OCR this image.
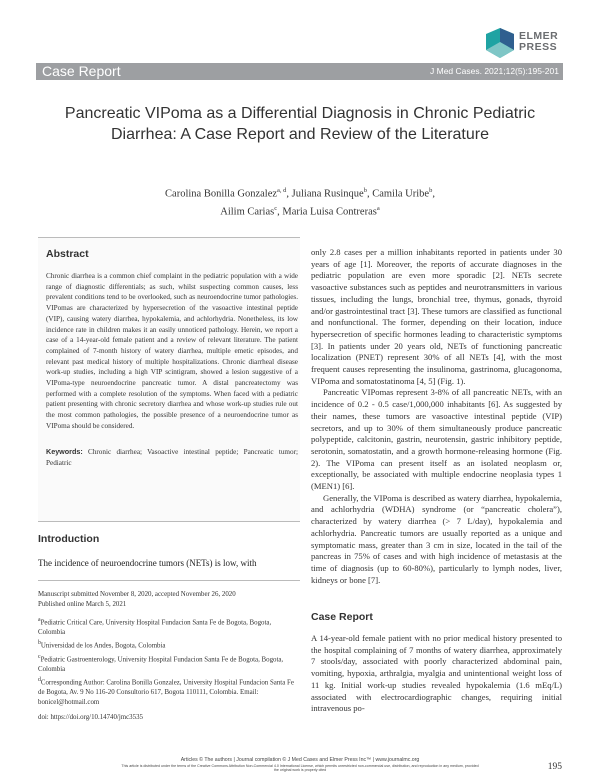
ELMER
PRESS
Case Report	J Med Cases. 2021;12(5):195-201
Pancreatic VIPoma as a Differential Diagnosis in Chronic Pediatric Diarrhea: A Case Report and Review of the Literature
Carolina Bonilla Gonzalez$^{a, d}$, Juliana Rusinque$^b$, Camila Uribe$^b$,
Ailim Carias$^c$, Maria Luisa Contreras$^a$
Abstract

Chronic diarrhea is a common chief complaint in the pediatric population with a wide range of diagnostic differentials; as such, whilst suspecting common causes, less prevalent conditions tend to be overlooked, such as neuroendocrine tumor pathologies. VIPomas are characterized by hypersecretion of the vasoactive intestinal peptide (VIP), causing watery diarrhea, hypokalemia, and achlorhydria. Nonetheless, its low incidence rate in children makes it an easily unnoticed pathology. Herein, we report a case of a 14-year-old female patient and a review of relevant literature. The patient complained of 7-month history of watery diarrhea, multiple emetic episodes, and relevant past medical history of multiple hospitalizations. Chronic diarrheal disease work-up studies, including a high VIP scintigram, showed a lesion suggestive of a VIPoma-type neuroendocrine pancreatic tumor. A distal pancreatectomy was performed with a complete resolution of the symptoms. When faced with a pediatric patient presenting with chronic secretory diarrhea and whose work-up studies rule out the most common pathologies, the possible presence of a neuroendocrine tumor as VIPoma should be considered.

Keywords: Chronic diarrhea; Vasoactive intestinal peptide; Pancreatic tumor; Pediatric

Introduction

The incidence of neuroendocrine tumors (NETs) is low, with

Manuscript submitted November 8, 2020, accepted November 26, 2020

Published online March 5, 2021

$^a$Pediatric Critical Care, University Hospital Fundacion Santa Fe de Bogota, Bogota, Colombia

$^b$Universidad de los Andes, Bogota, Colombia

$^c$Pediatric Gastroenterology, University Hospital Fundacion Santa Fe de Bogota, Bogota, Colombia

$^d$Corresponding Author: Carolina Bonilla Gonzalez, University Hospital Fundacion Santa Fe de Bogota, Av. 9 No 116-20 Consultorio 617, Bogota 110111, Colombia. Email: bonicel@hotmail.com

doi: https://doi.org/10.14740/jmc3535

only 2.8 cases per a million inhabitants reported in patients under 30 years of age [1]. Moreover, the reports of accurate diagnoses in the pediatric population are even more sporadic [2]. NETs secrete vasoactive substances such as peptides and neurotransmitters in various tissues, including the lungs, bronchial tree, thymus, gonads, thyroid and/or gastrointestinal tract [3]. These tumors are classified as functional and nonfunctional. The former, depending on their location, induce hypersecretion of specific hormones leading to characteristic symptoms [3]. In patients under 20 years old, NETs of functioning pancreatic localization (PNET) represent 30% of all NETs [4], with the most frequent causes representing the insulinoma, gastrinoma, glucagonoma, VIPoma and somatostatinoma [4, 5] (Fig. 1).

Pancreatic VIPomas represent 3-8% of all pancreatic NETs, with an incidence of 0.2 - 0.5 case/1,000,000 inhabitants [6]. As suggested by their names, these tumors are vasoactive intestinal peptide (VIP) secretors, and up to 30% of them simultaneously produce pancreatic polypeptide, calcitonin, gastrin, neurotensin, gastric inhibitory peptide, serotonin, somatostatin, and a growth hormone-releasing hormone (Fig. 2). The VIPoma can present itself as an isolated neoplasm or, exceptionally, be associated with multiple endocrine neoplasia types 1 (MEN1) [6].

Generally, the VIPoma is described as watery diarrhea, hypokalemia, and achlorhydria (WDHA) syndrome (or “pancreatic cholera”), characterized by watery diarrhea (> 7 L/day), hypokalemia and achlorhydria. Pancreatic tumors are usually reported as a unique and symptomatic mass, greater than 3 cm in size, located in the tail of the pancreas in 75% of cases and with high incidence of metastasis at the time of diagnosis (up to 60-80%), particularly to lymph nodes, liver, kidneys or bone [7].

Case Report

A 14-year-old female patient with no prior medical history presented to the hospital complaining of 7 months of watery diarrhea, approximately 7 stools/day, associated with poorly characterized abdominal pain, vomiting, hypoxia, arthralgia, myalgia and unintentional weight loss of 11 kg. Initial work-up studies revealed hypokalemia (1.6 mEq/L) associated with electrocardiographic changes, requiring initial intravenous po-

Articles © The authors | Journal compilation © J Med Cases and Elmer Press Inc™ | www.journalmc.org

This article is distributed under the terms of the Creative Commons Attribution Non-Commercial 4.0 International License, which permits unrestricted non-commercial use, distribution, and reproduction in any medium, provided the original work is properly cited	195
